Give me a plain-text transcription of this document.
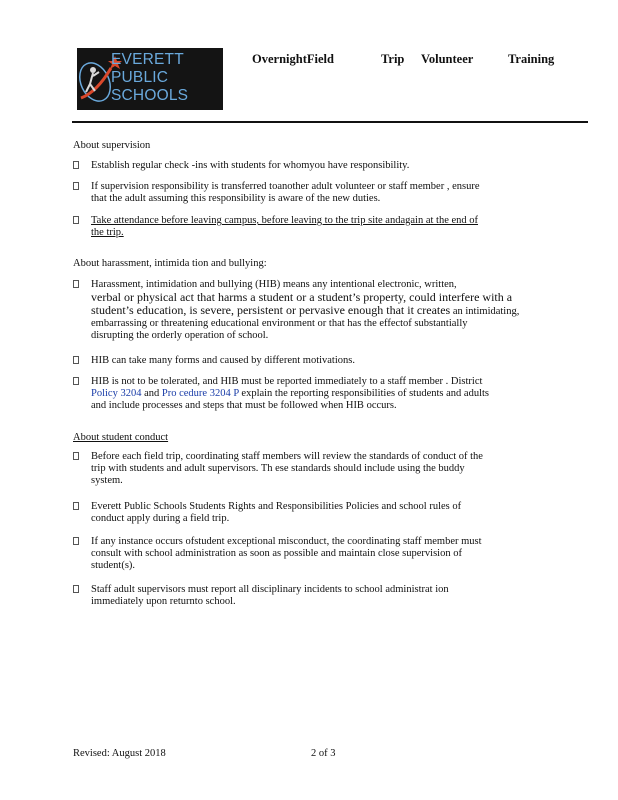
EVERETT
PUBLIC
SCHOOLS
OvernightField	Trip Volunteer	Training
About supervision
Establish regular check -ins with students for whomyou have responsibility.
If supervision responsibility is transferred toanother adult volunteer or staff member , ensure
that the adult assuming this responsibility is aware of the new duties.
Take attendance before leaving campus, before leaving to the trip site andagain at the end of
the trip.
About harassment, intimida tion and bullying:
Harassment, intimidation and bullying (HIB) means any intentional electronic, written,
verbal or physical act that harms a student or a student’s property, could interfere with a
student’s education, is severe, persistent or pervasive enough that it creates an intimidating,
embarrassing or threatening educational environment or that has the effectof substantially
disrupting the orderly operation of school.
HIB can take many forms and caused by different motivations.
HIB is not to be tolerated, and HIB must be reported immediately to a staff member . District
Policy 3204 and Pro cedure 3204 P explain the reporting responsibilities of students and adults
and include processes and steps that must be followed when HIB occurs.
About student conduct
Before each field trip, coordinating staff members will review the standards of conduct of the
trip with students and adult supervisors. Th ese standards should include using the buddy
system.
Everett Public Schools Students Rights and Responsibilities Policies and school rules of
conduct apply during a field trip.
If any instance occurs ofstudent exceptional misconduct, the coordinating staff member must
consult with school administration as soon as possible and maintain close supervision of
student(s).
Staff adult supervisors must report all disciplinary incidents to school administrat ion
immediately upon returnto school.
Revised: August 2018	2 of 3
